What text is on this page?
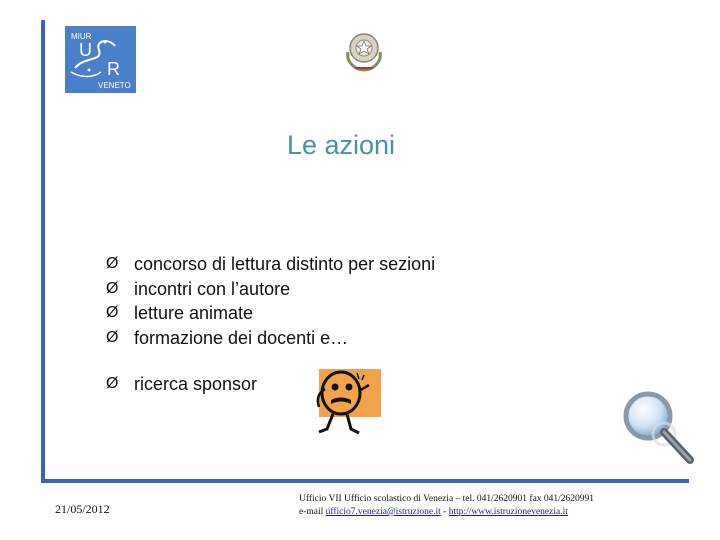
MIUR
U
R
VENETO
Le azioni
Ø concorso di lettura distinto per sezioni
Ø incontri con l’autore
Ø letture animate
Ø formazione dei docenti e…
Ø ricerca sponsor
21/05/2012
Ufficio VII Ufficio scolastico di Venezia – tel. 041/2620901 fax 041/2620991
e-mail ufficio7.venezia@istruzione.it - http://www.istruzionevenezia.it
